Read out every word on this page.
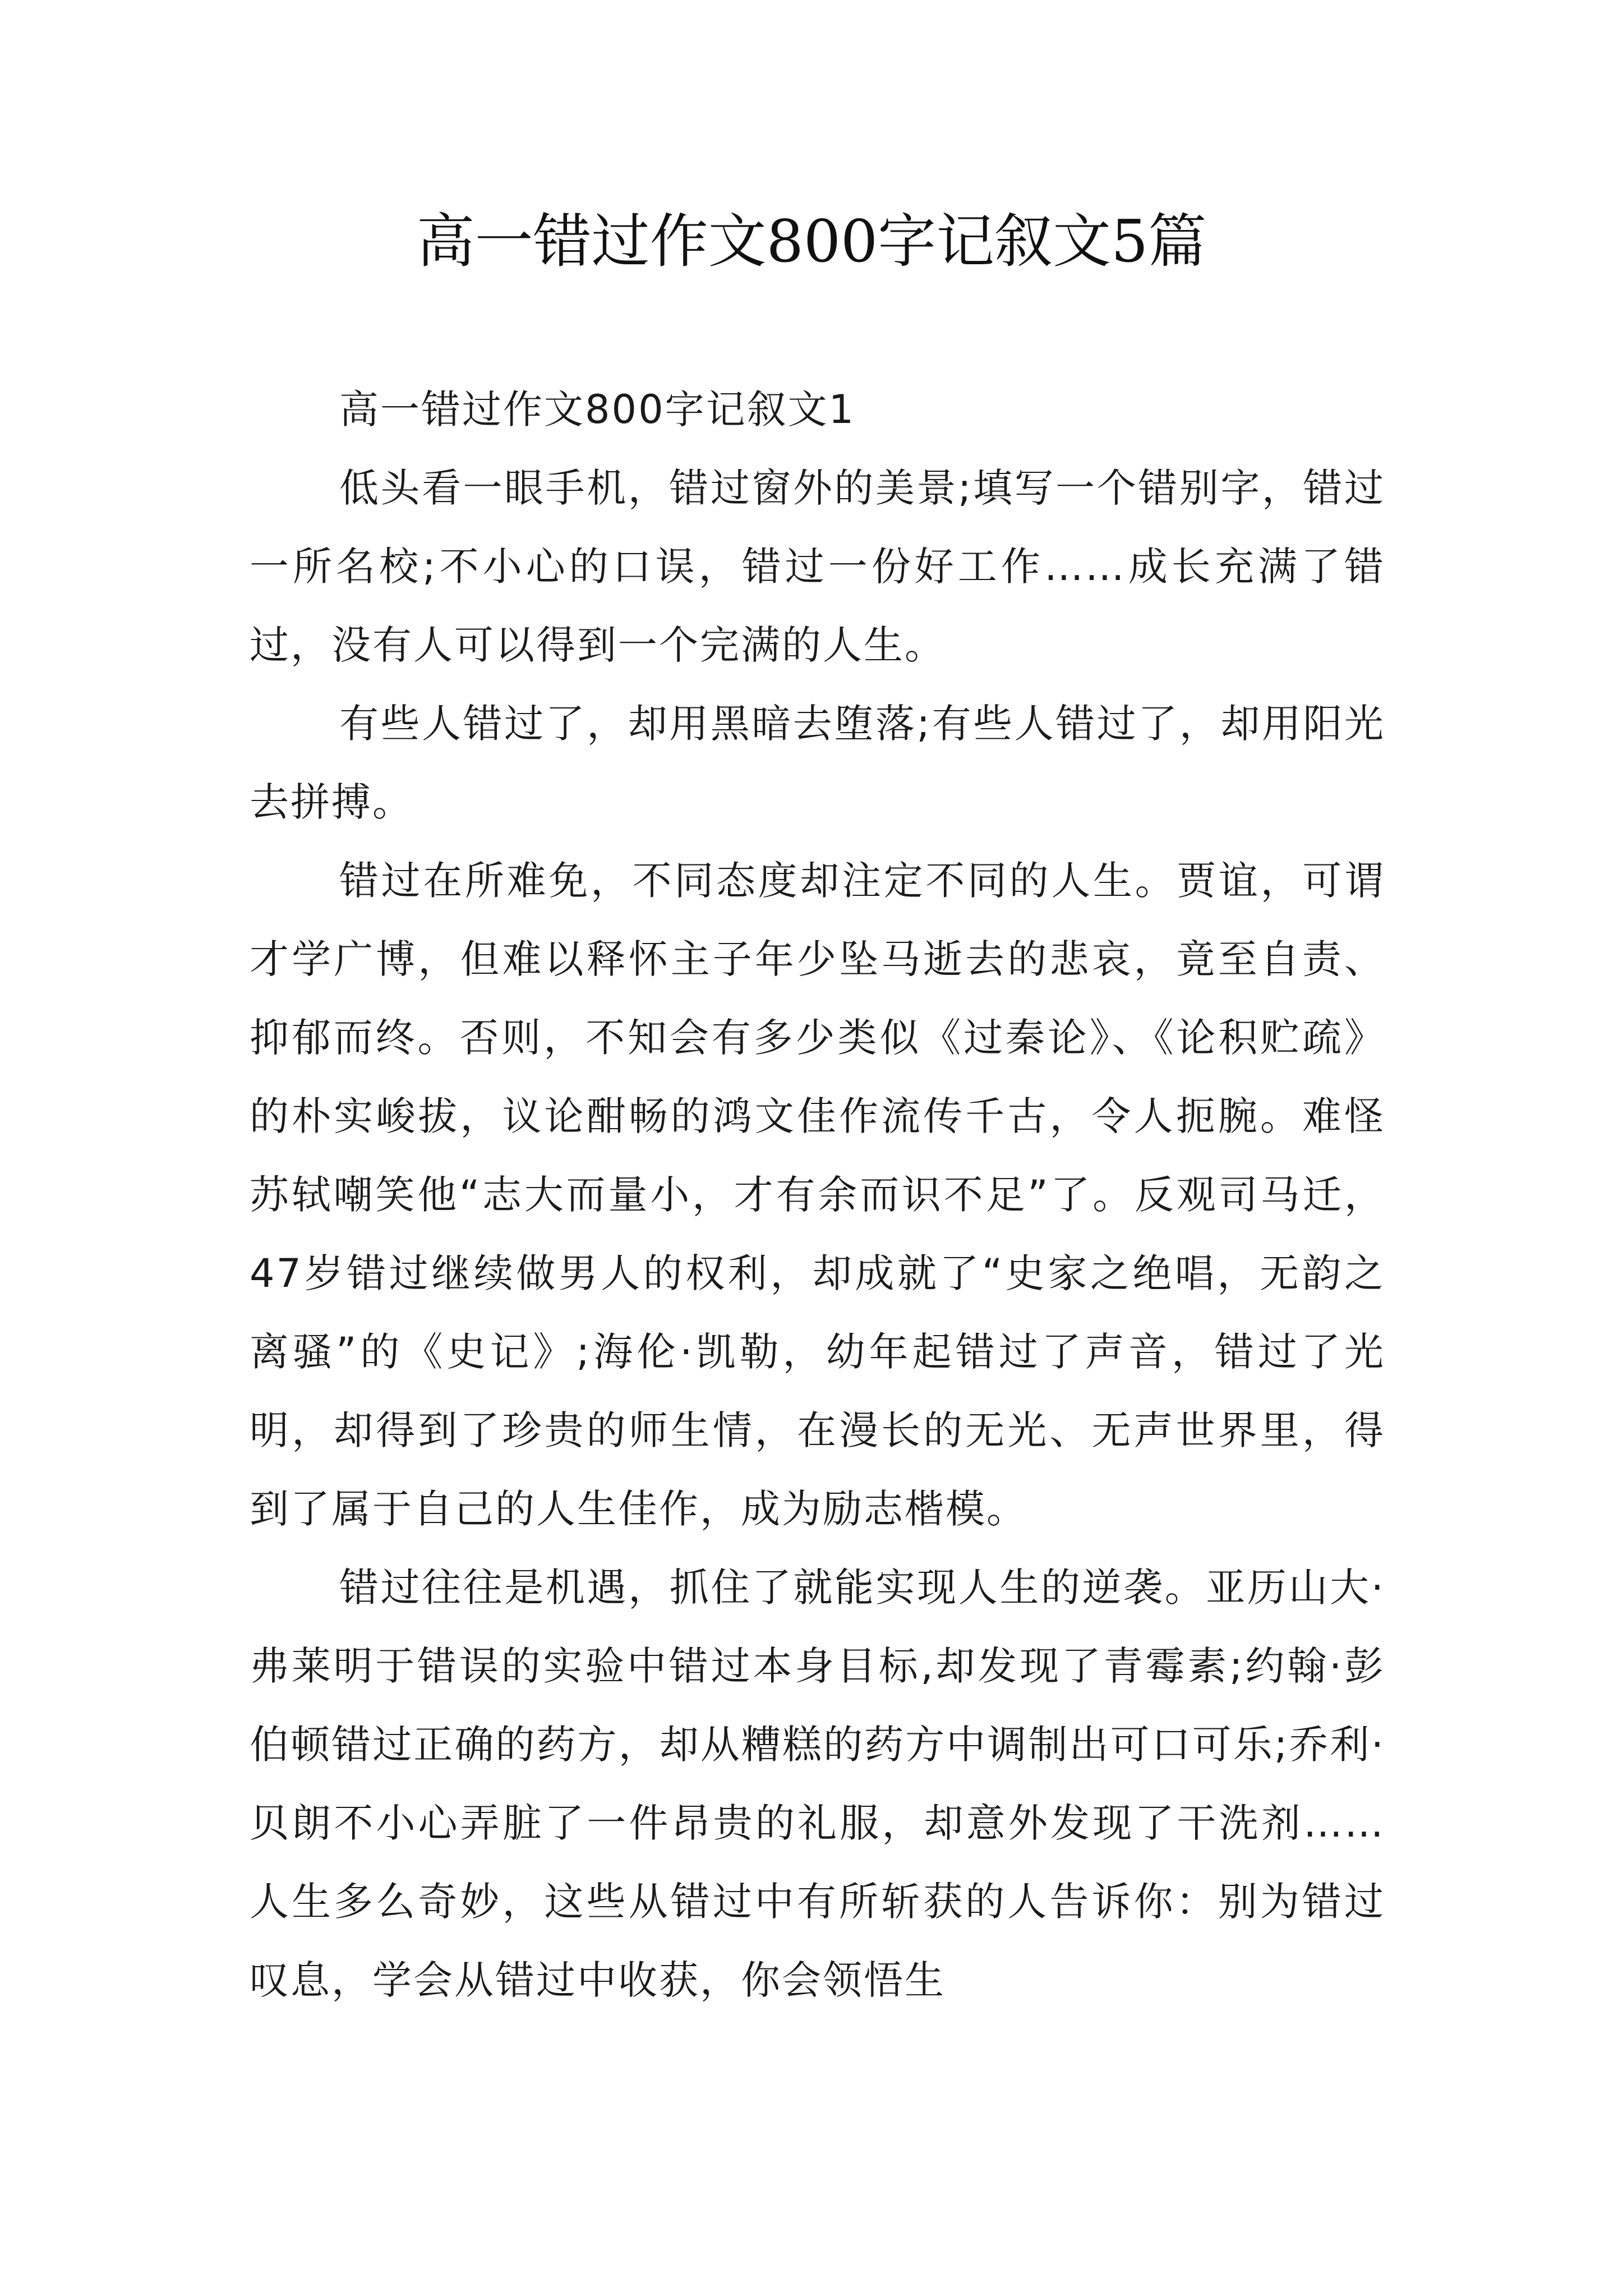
高一错过作文800字记叙文5篇

高一错过作文800字记叙文1

低头看一眼手机，错过窗外的美景;填写一个错别字，错过一所名校;不小心的口误，错过一份好工作……成长充满了错过，没有人可以得到一个完满的人生。

有些人错过了，却用黑暗去堕落;有些人错过了，却用阳光去拼搏。

错过在所难免，不同态度却注定不同的人生。贾谊，可谓才学广博，但难以释怀主子年少坠马逝去的悲哀，竟至自责、抑郁而终。否则，不知会有多少类似《过秦论》、《论积贮疏》的朴实峻拔，议论酣畅的鸿文佳作流传千古，令人扼腕。难怪苏轼嘲笑他“志大而量小，才有余而识不足”了。反观司马迁，47岁错过继续做男人的权利，却成就了“史家之绝唱，无韵之离骚”的《史记》;海伦·凯勒，幼年起错过了声音，错过了光明，却得到了珍贵的师生情，在漫长的无光、无声世界里，得到了属于自己的人生佳作，成为励志楷模。

错过往往是机遇，抓住了就能实现人生的逆袭。亚历山大·弗莱明于错误的实验中错过本身目标,却发现了青霉素;约翰·彭伯顿错过正确的药方，却从糟糕的药方中调制出可口可乐;乔利·贝朗不小心弄脏了一件昂贵的礼服，却意外发现了干洗剂……人生多么奇妙，这些从错过中有所斩获的人告诉你：别为错过叹息，学会从错过中收获，你会领悟生
